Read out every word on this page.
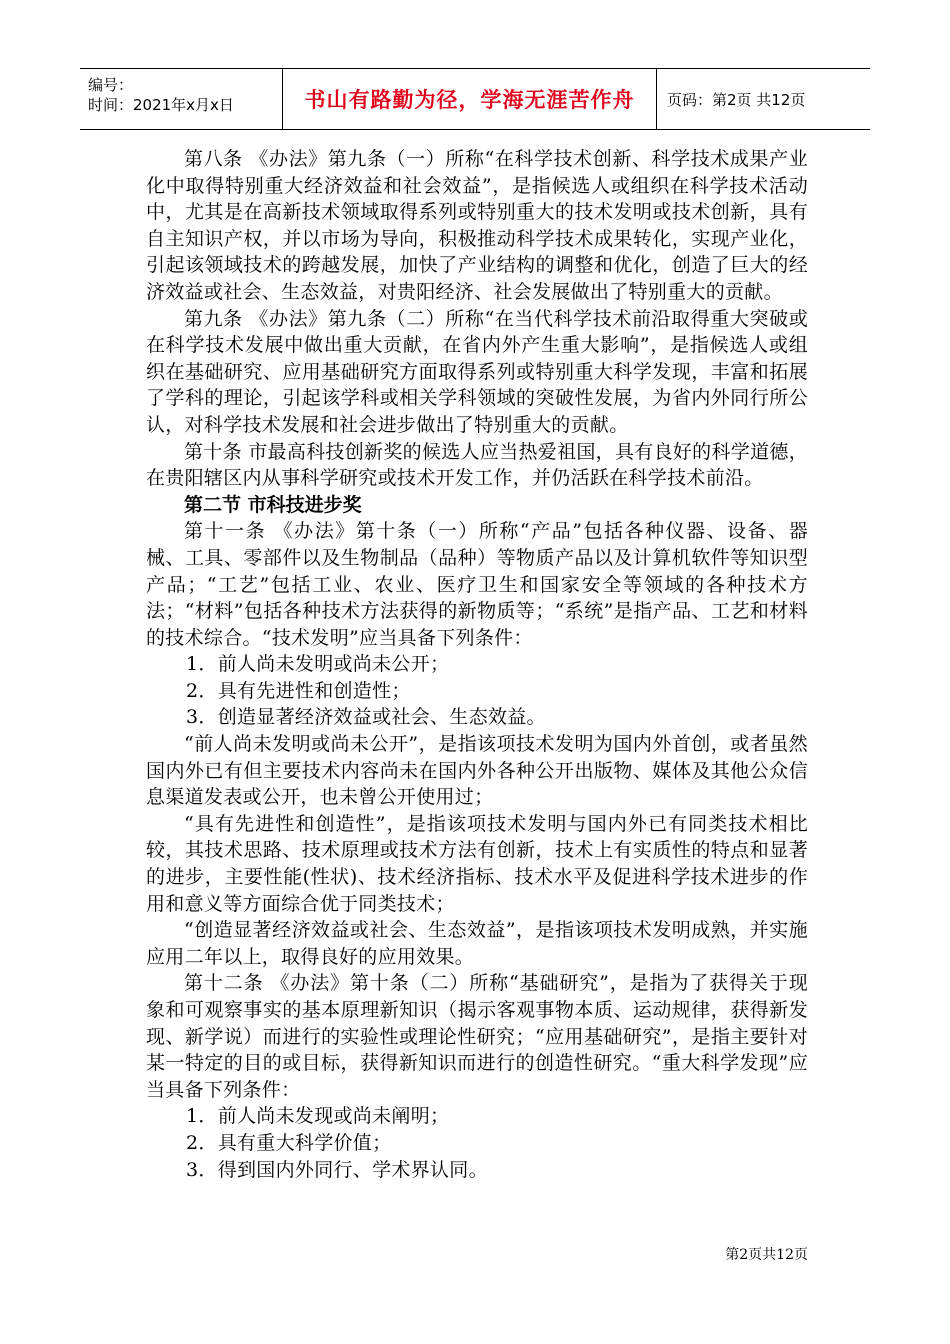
编号：
时间：2021年x月x日	书山有路勤为径，学海无涯苦作舟	页码：第2页 共12页

第八条 《办法》第九条（一）所称“在科学技术创新、科学技术成果产业化中取得特别重大经济效益和社会效益”，是指候选人或组织在科学技术活动中，尤其是在高新技术领域取得系列或特别重大的技术发明或技术创新，具有自主知识产权，并以市场为导向，积极推动科学技术成果转化，实现产业化，引起该领域技术的跨越发展，加快了产业结构的调整和优化，创造了巨大的经济效益或社会、生态效益，对贵阳经济、社会发展做出了特别重大的贡献。

第九条 《办法》第九条（二）所称“在当代科学技术前沿取得重大突破或在科学技术发展中做出重大贡献，在省内外产生重大影响”，是指候选人或组织在基础研究、应用基础研究方面取得系列或特别重大科学发现，丰富和拓展了学科的理论，引起该学科或相关学科领域的突破性发展，为省内外同行所公认，对科学技术发展和社会进步做出了特别重大的贡献。

第十条 市最高科技创新奖的候选人应当热爱祖国，具有良好的科学道德，在贵阳辖区内从事科学研究或技术开发工作，并仍活跃在科学技术前沿。

第二节 市科技进步奖

第十一条 《办法》第十条（一）所称“产品”包括各种仪器、设备、器械、工具、零部件以及生物制品（品种）等物质产品以及计算机软件等知识型产品；“工艺”包括工业、农业、医疗卫生和国家安全等领域的各种技术方法；“材料”包括各种技术方法获得的新物质等；“系统”是指产品、工艺和材料的技术综合。“技术发明”应当具备下列条件：

1．前人尚未发明或尚未公开；

2．具有先进性和创造性；

3．创造显著经济效益或社会、生态效益。

“前人尚未发明或尚未公开”，是指该项技术发明为国内外首创，或者虽然国内外已有但主要技术内容尚未在国内外各种公开出版物、媒体及其他公众信息渠道发表或公开，也未曾公开使用过；

“具有先进性和创造性”，是指该项技术发明与国内外已有同类技术相比较，其技术思路、技术原理或技术方法有创新，技术上有实质性的特点和显著的进步，主要性能(性状)、技术经济指标、技术水平及促进科学技术进步的作用和意义等方面综合优于同类技术；

“创造显著经济效益或社会、生态效益”，是指该项技术发明成熟，并实施应用二年以上，取得良好的应用效果。

第十二条 《办法》第十条（二）所称“基础研究”，是指为了获得关于现象和可观察事实的基本原理新知识（揭示客观事物本质、运动规律，获得新发现、新学说）而进行的实验性或理论性研究；“应用基础研究”，是指主要针对某一特定的目的或目标，获得新知识而进行的创造性研究。“重大科学发现”应当具备下列条件：

1．前人尚未发现或尚未阐明；

2．具有重大科学价值；

3．得到国内外同行、学术界认同。

第2页共12页
